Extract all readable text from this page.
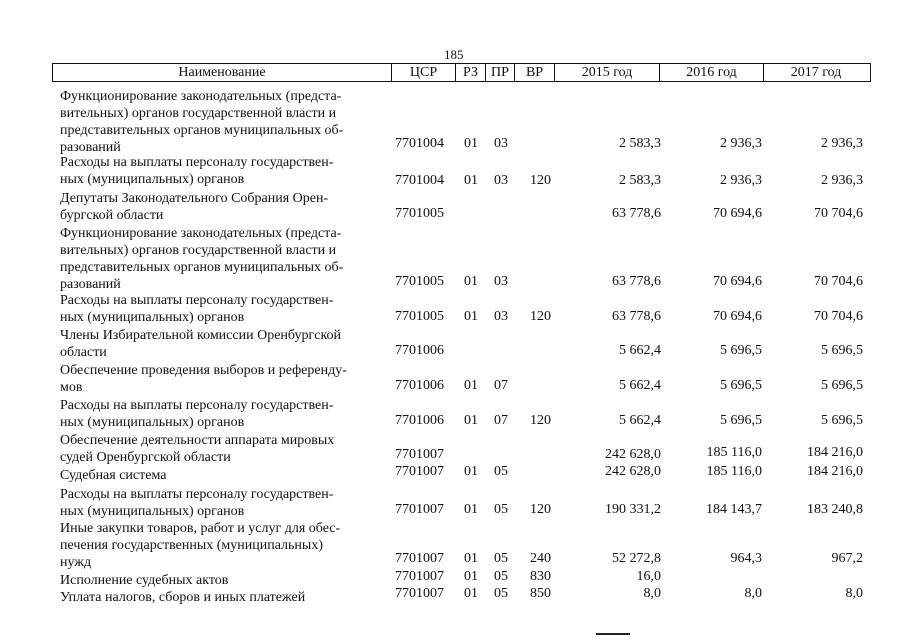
185
Наименование	ЦСР	РЗ ПР	ВР	2015 год	2016 год	2017 год
Функционирование законодательных (предста-
вительных) органов государственной власти и
представительных органов муниципальных об-
разований	7701004 01 03	2 583,3	2 936,3	2 936,3
Расходы на выплаты персоналу государствен-
ных (муниципальных) органов	7701004 01 03 120	2 583,3	2 936,3	2 936,3
Депутаты Законодательного Собрания Орен-
бургской области	7701005	63 778,6	70 694,6	70 704,6
Функционирование законодательных (предста-
вительных) органов государственной власти и
представительных органов муниципальных об-
разований	7701005 01 03	63 778,6	70 694,6	70 704,6
Расходы на выплаты персоналу государствен-
ных (муниципальных) органов	7701005 01 03 120	63 778,6	70 694,6	70 704,6
Члены Избирательной комиссии Оренбургской
области	7701006	5 662,4	5 696,5	5 696,5
Обеспечение проведения выборов и референду-
мов	7701006 01 07	5 662,4	5 696,5	5 696,5
Расходы на выплаты персоналу государствен-
ных (муниципальных) органов	7701006 01 07 120	5 662,4	5 696,5	5 696,5
Обеспечение деятельности аппарата мировых
судей Оренбургской области	7701007	242 628,0	185 116,0	184 216,0
Судебная система	7701007 01 05	242 628,0	185 116,0	184 216,0
Расходы на выплаты персоналу государствен-
ных (муниципальных) органов	7701007 01 05 120	190 331,2	184 143,7	183 240,8
Иные закупки товаров, работ и услуг для обес-
печения государственных (муниципальных)
нужд	7701007 01 05 240	52 272,8	964,3	967,2
Исполнение судебных актов	7701007 01 05 830	16,0
Уплата налогов, сборов и иных платежей	7701007 01 05 850	8,0	8,0	8,0
